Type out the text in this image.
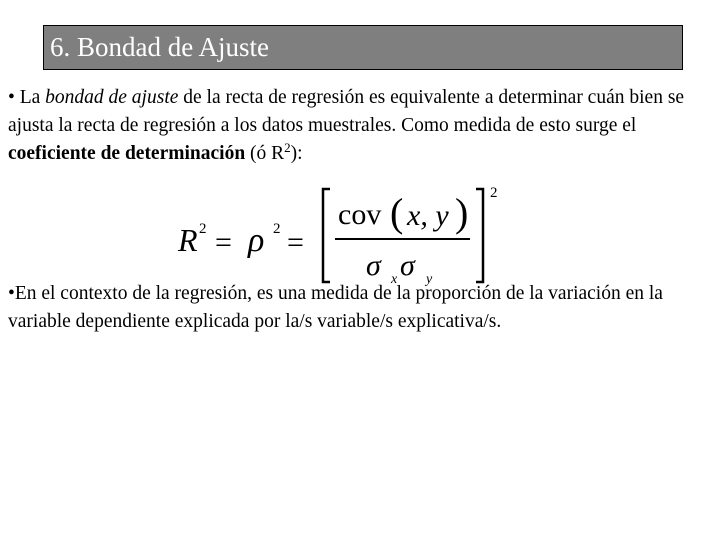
6. Bondad de Ajuste
• La bondad de ajuste de la recta de regresión es equivalente a determinar cuán bien se ajusta la recta de regresión a los datos muestrales. Como medida de esto surge el coeficiente de determinación (ó $R^2$):
R 2 = ρ 2 =
2
cov ( x, y )
σ x σ y
•En el contexto de la regresión, es una medida de la proporción de la variación en la variable dependiente explicada por la/s variable/s explicativa/s.
